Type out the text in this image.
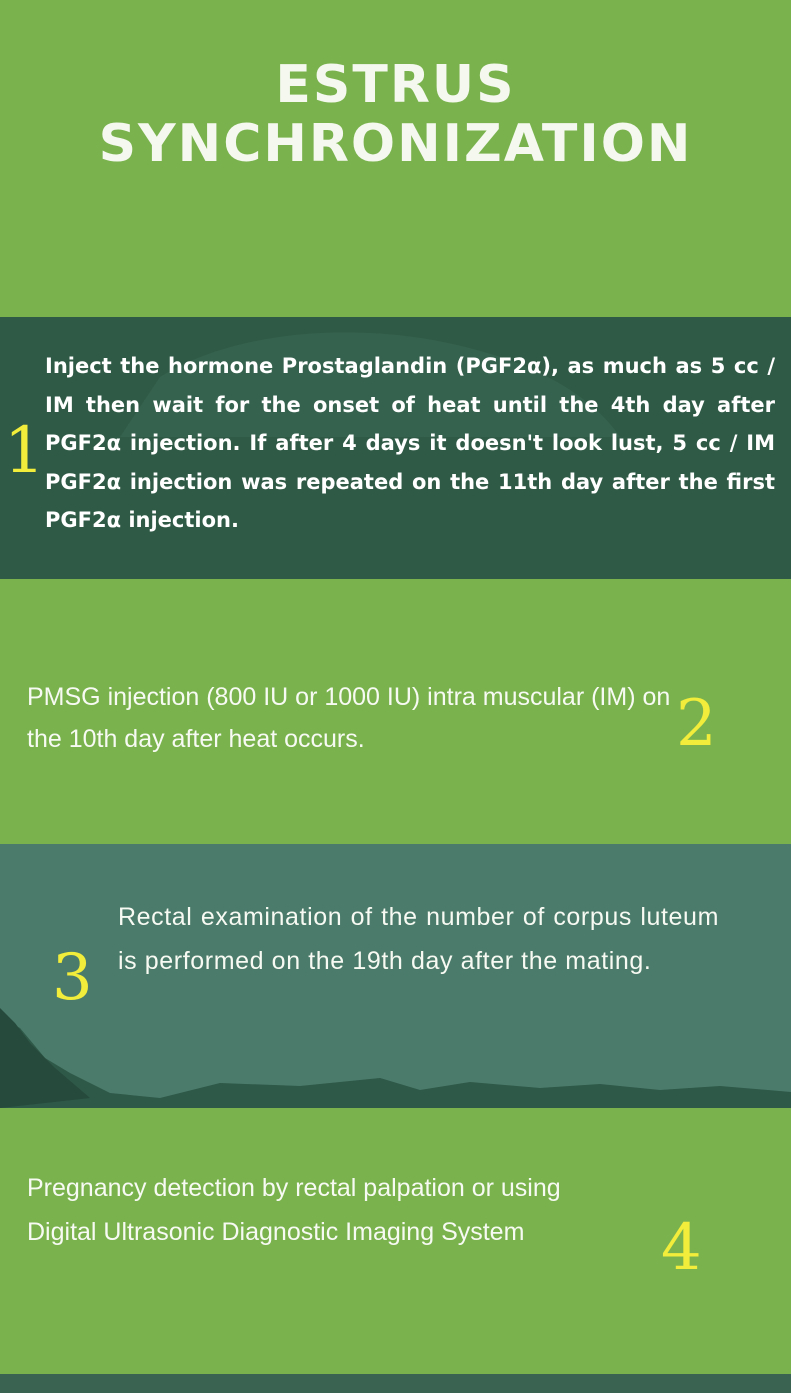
ESTRUS
SYNCHRONIZATION
1
Inject the hormone Prostaglandin (PGF2α), as much as 5 cc / IM then wait for the onset of heat until the 4th day after PGF2α injection. If after 4 days it doesn't look lust, 5 cc / IM PGF2α injection was repeated on the 11th day after the first PGF2α injection.
PMSG injection (800 IU or 1000 IU) intra muscular (IM) on the 10th day after heat occurs.	2
3
Rectal examination of the number of corpus luteum is performed on the 19th day after the mating.
Pregnancy detection by rectal palpation or using Digital Ultrasonic Diagnostic Imaging System	4
